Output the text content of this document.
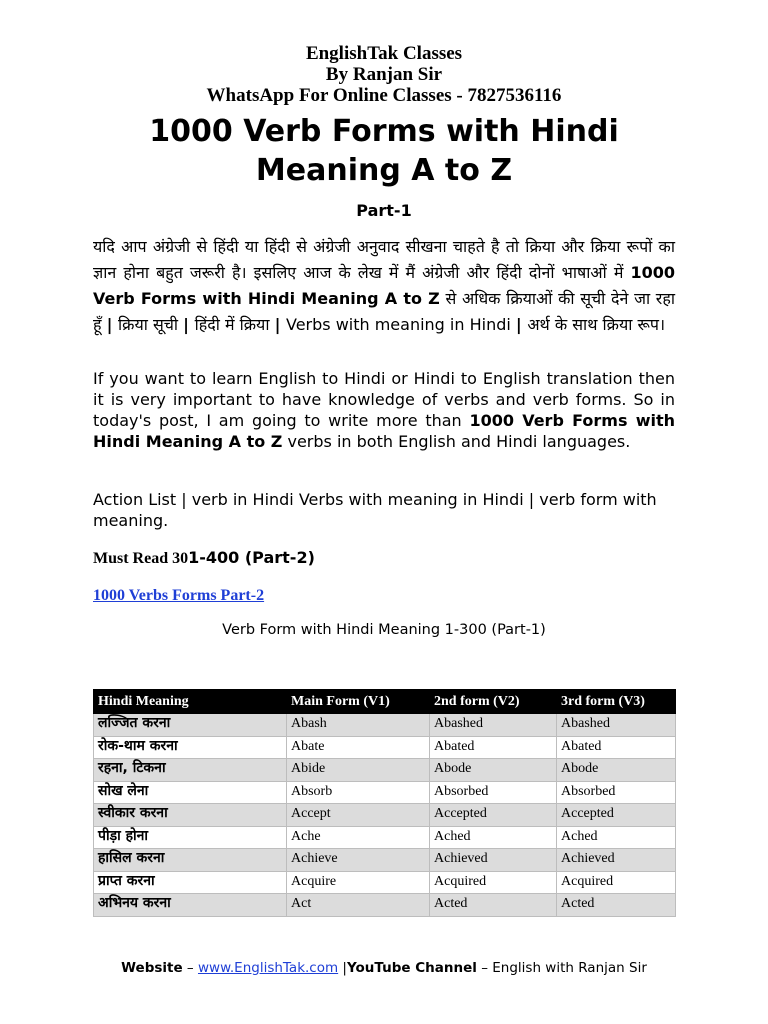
EnglishTak Classes
By Ranjan Sir
WhatsApp For Online Classes - 7827536116
1000 Verb Forms with Hindi
Meaning A to Z
Part-1
यदि आप अंग्रेजी से हिंदी या हिंदी से अंग्रेजी अनुवाद सीखना चाहते है तो क्रिया और क्रिया रूपों का ज्ञान होना बहुत जरूरी है। इसलिए आज के लेख में मैं अंग्रेजी और हिंदी दोनों भाषाओं में 1000 Verb Forms with Hindi Meaning A to Z से अधिक क्रियाओं की सूची देने जा रहा हूँ | क्रिया सूची | हिंदी में क्रिया | Verbs with meaning in Hindi | अर्थ के साथ क्रिया रूप।
If you want to learn English to Hindi or Hindi to English translation then it is very important to have knowledge of verbs and verb forms. So in today's post, I am going to write more than 1000 Verb Forms with Hindi Meaning A to Z verbs in both English and Hindi languages.
Action List | verb in Hindi Verbs with meaning in Hindi | verb form with meaning.
Must Read 301-400 (Part-2)
1000 Verbs Forms Part-2
Verb Form with Hindi Meaning 1-300 (Part-1)
Hindi Meaning	Main Form (V1)	2nd form (V2)	3rd form (V3)
लज्जित करना	Abash	Abashed	Abashed
रोक-थाम करना	Abate	Abated	Abated
रहना, टिकना	Abide	Abode	Abode
सोख लेना	Absorb	Absorbed	Absorbed
स्वीकार करना	Accept	Accepted	Accepted
पीड़ा होना	Ache	Ached	Ached
हासिल करना	Achieve	Achieved	Achieved
प्राप्त करना	Acquire	Acquired	Acquired
अभिनय करना	Act	Acted	Acted
Website – www.EnglishTak.com |YouTube Channel – English with Ranjan Sir
